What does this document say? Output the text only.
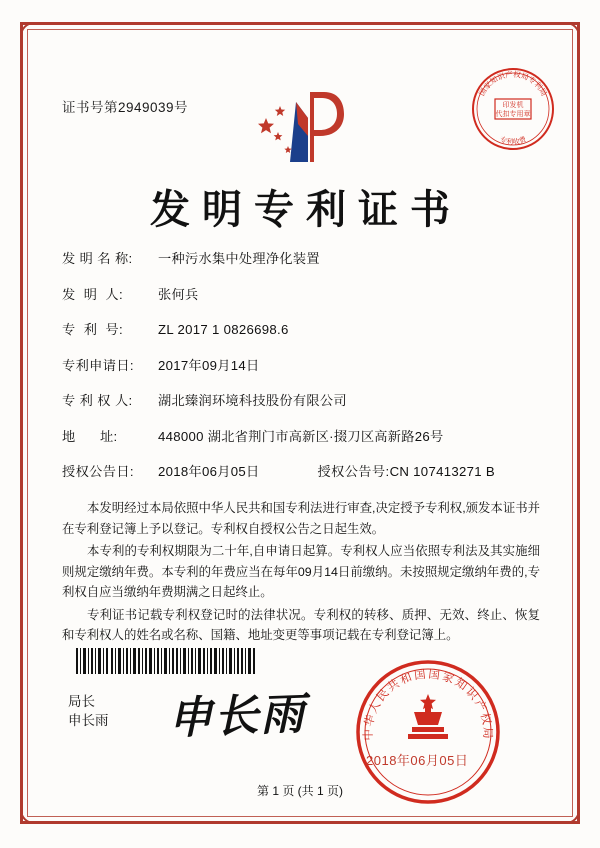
证书号第2949039号	印发机
代扣专用章
国家知识产权局专利局
专利收费
发明专利证书
发 明 名 称:	一种污水集中处理净化装置
发  明  人:	张何兵
专  利  号:	ZL 2017 1 0826698.6
专利申请日:	2017年09月14日
专 利 权 人:	湖北臻润环境科技股份有限公司
地      址:	448000 湖北省荆门市高新区·掇刀区高新路26号
授权公告日:	2018年06月05日	授权公告号: CN 107413271 B

本发明经过本局依照中华人民共和国专利法进行审查,决定授予专利权,颁发本证书并在专利登记簿上予以登记。专利权自授权公告之日起生效。

本专利的专利权期限为二十年,自申请日起算。专利权人应当依照专利法及其实施细则规定缴纳年费。本专利的年费应当在每年09月14日前缴纳。未按照规定缴纳年费的,专利权自应当缴纳年费期满之日起终止。

专利证书记载专利权登记时的法律状况。专利权的转移、质押、无效、终止、恢复和专利权人的姓名或名称、国籍、地址变更等事项记载在专利登记簿上。

局长
申长雨 申长雨	中华人民共和国国家知识产权局
2018年06月05日
第 1 页 (共 1 页)
